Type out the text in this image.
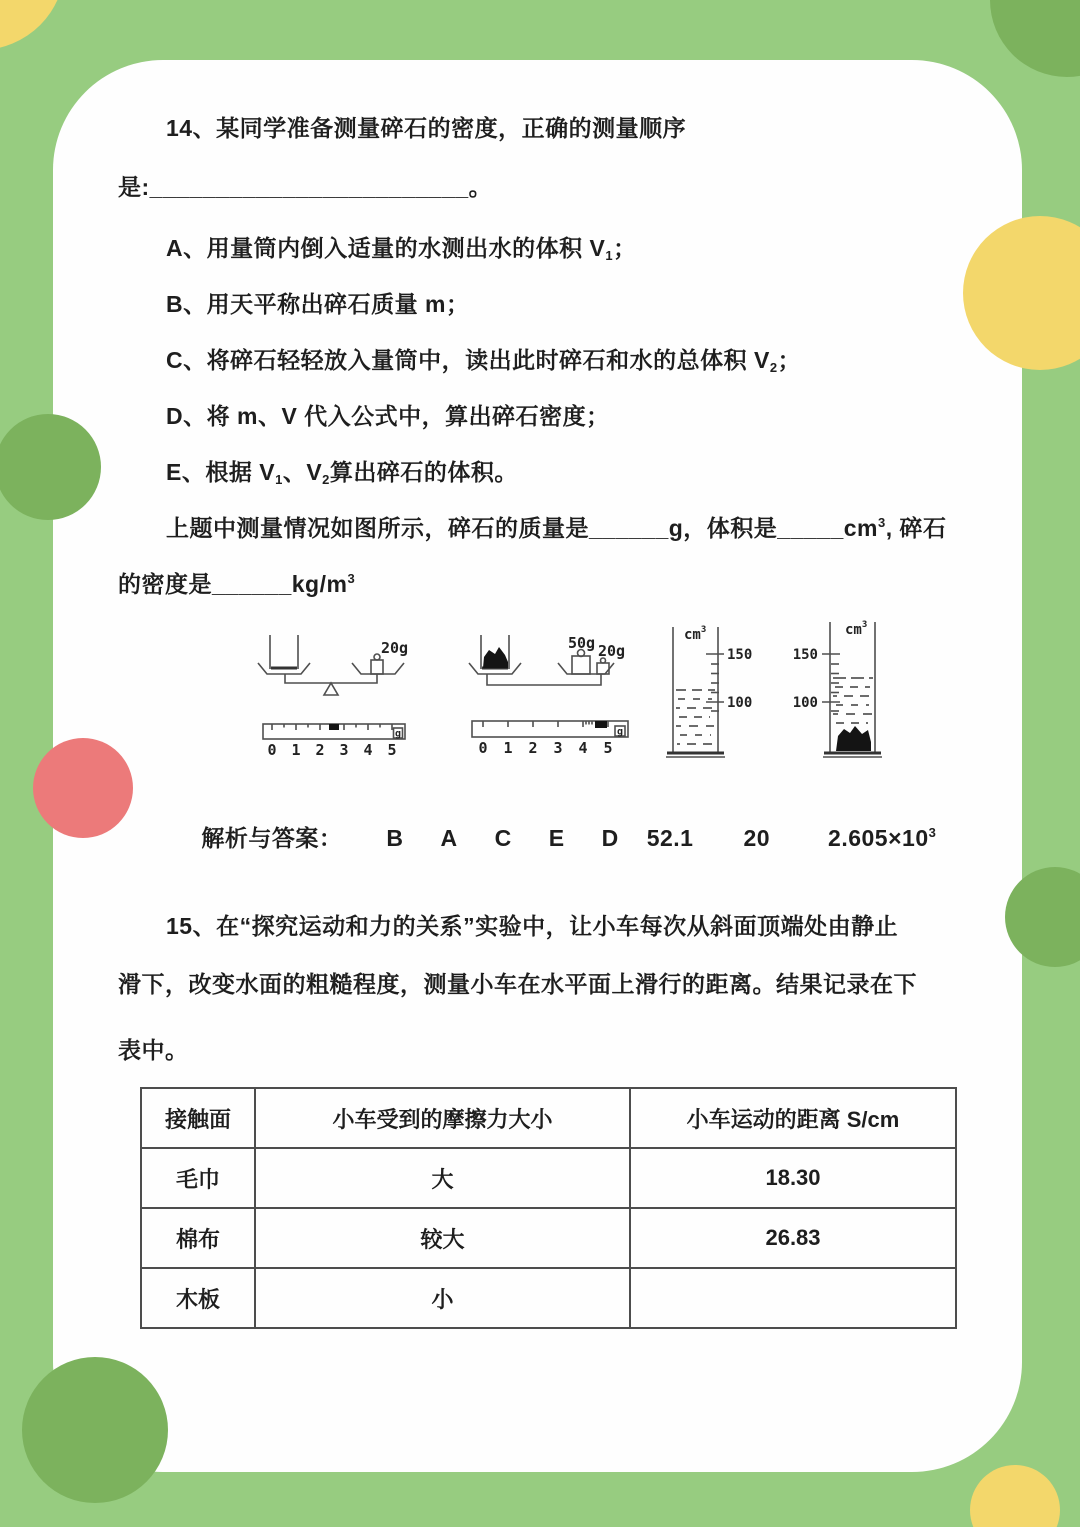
14、某同学准备测量碎石的密度，正确的测量顺序
是:________________________。
A、用量筒内倒入适量的水测出水的体积 $V_1$；
B、用天平称出碎石质量 m；
C、将碎石轻轻放入量筒中，读出此时碎石和水的总体积 $V_2$；
D、将 m、V 代入公式中，算出碎石密度；
E、根据 $V_1$、$V_2$算出碎石的体积。
上题中测量情况如图所示，碎石的质量是______g，体积是$\_\_\_\_\_cm^3$, 碎石
的密度是$\_\_\_\_\_\_kg/m^3$
20g
g
0 1 2 3 4 5
50g 20g
g
0 1 2 3 4 5
$cm^3$
150
100
$cm^3$
150
100

解析与答案： B A C E D 52.1 20	$2.605\times 10^3$

15、在“探究运动和力的关系”实验中，让小车每次从斜面顶端处由静止
滑下，改变水面的粗糙程度，测量小车在水平面上滑行的距离。结果记录在下
表中。
接触面	小车受到的摩擦力大小	小车运动的距离 S/cm
毛巾	大	18.30
棉布	较大	26.83
木板	小	
